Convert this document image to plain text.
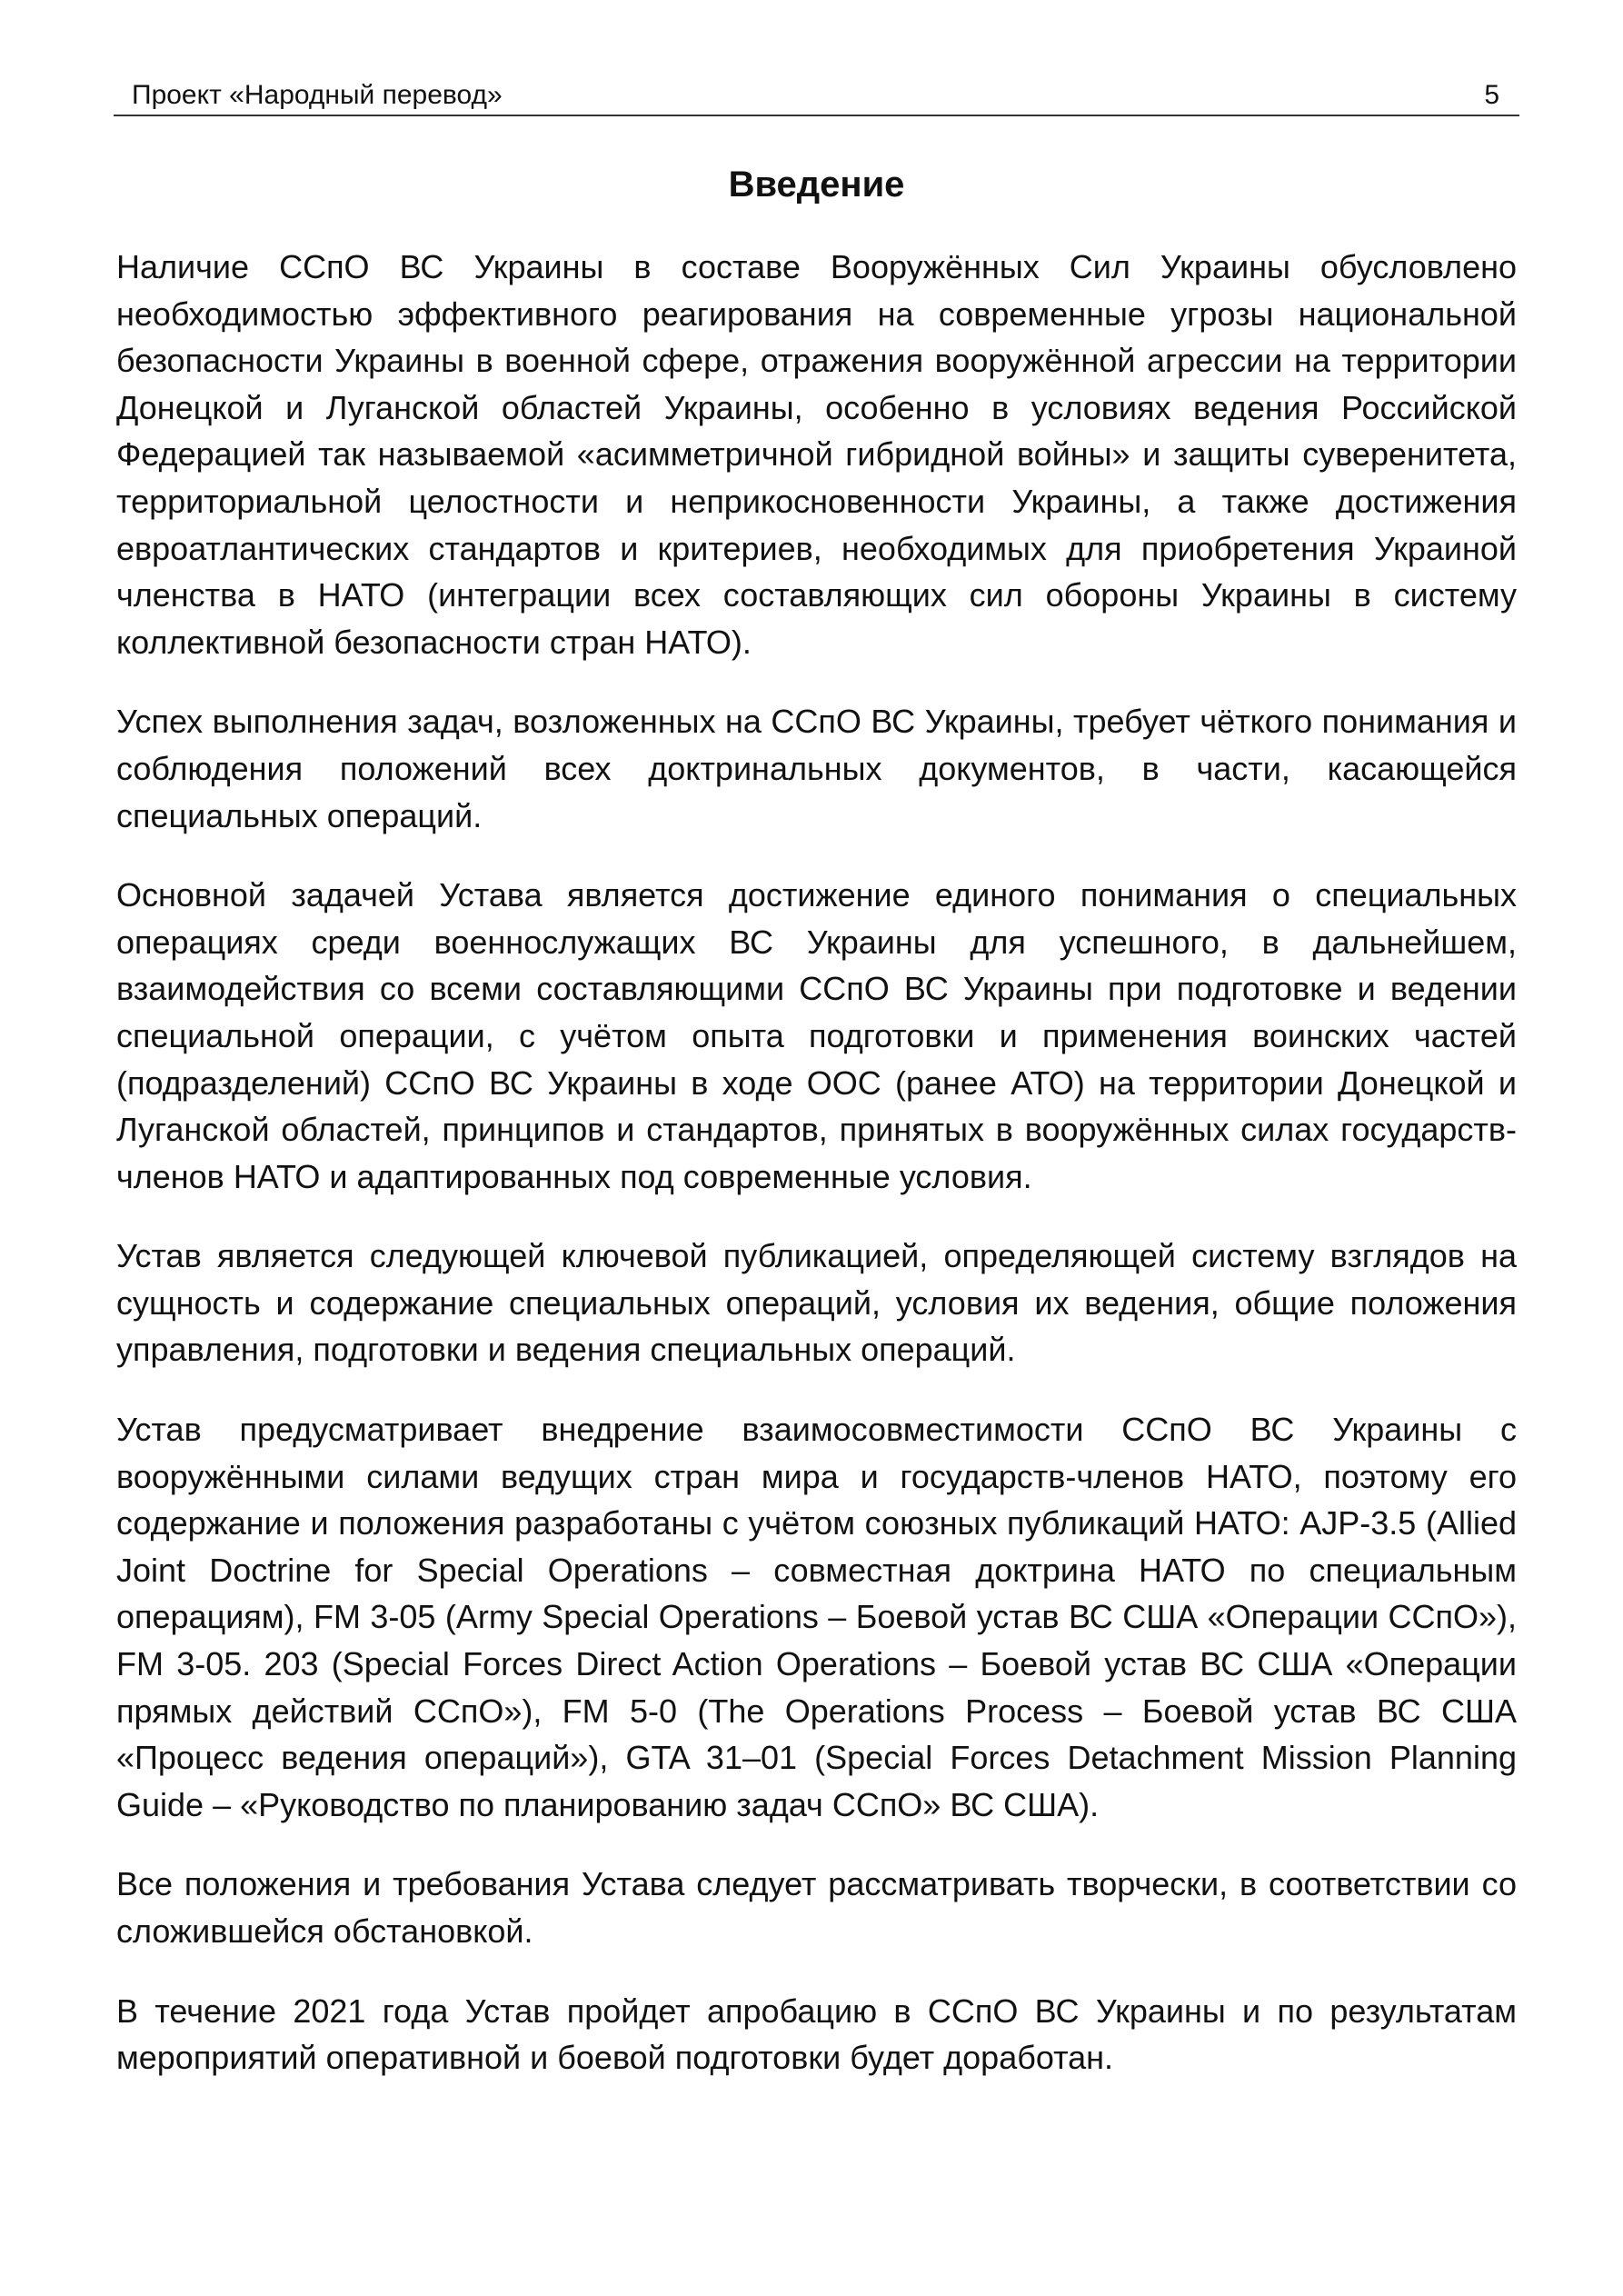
Проект «Народный перевод»	5
Введение

Наличие ССпО ВС Украины в составе Вооружённых Сил Украины обусловлено необходимостью эффективного реагирования на современные угрозы национальной безопасности Украины в военной сфере, отражения вооружённой агрессии на территории Донецкой и Луганской областей Украины, особенно в условиях ведения Российской Федерацией так называемой «асимметричной гибридной войны» и защиты суверенитета, территориальной целостности и неприкосновенности Украины, а также достижения евроатлантических стандартов и критериев, необходимых для приобретения Украиной членства в НАТО (интеграции всех составляющих сил обороны Украины в систему коллективной безопасности стран НАТО).

Успех выполнения задач, возложенных на ССпО ВС Украины, требует чёткого понимания и соблюдения положений всех доктринальных документов, в части, касающейся специальных операций.

Основной задачей Устава является достижение единого понимания о специальных операциях среди военнослужащих ВС Украины для успешного, в дальнейшем, взаимодействия со всеми составляющими ССпО ВС Украины при подготовке и ведении специальной операции, с учётом опыта подготовки и применения воинских частей (подразделений) ССпО ВС Украины в ходе ООС (ранее АТО) на территории Донецкой и Луганской областей, принципов и стандартов, принятых в вооружённых силах государств-членов НАТО и адаптированных под современные условия.

Устав является следующей ключевой публикацией, определяющей систему взглядов на сущность и содержание специальных операций, условия их ведения, общие положения управления, подготовки и ведения специальных операций.

Устав предусматривает внедрение взаимосовместимости ССпО ВС Украины с вооружёнными силами ведущих стран мира и государств-членов НАТО, поэтому его содержание и положения разработаны с учётом союзных публикаций НАТО: AJP-3.5 (Allied Joint Doctrine for Special Operations – совместная доктрина НАТО по специальным операциям), FM 3-05 (Army Special Operations – Боевой устав ВС США «Операции ССпО»), FM 3-05. 203 (Special Forces Direct Action Operations – Боевой устав ВС США «Операции прямых действий ССпО»), FM 5-0 (The Operations Process – Боевой устав ВС США «Процесс ведения операций»), GTA 31–01 (Special Forces Detachment Mission Planning Guide – «Руководство по планированию задач ССпО» ВС США).

Все положения и требования Устава следует рассматривать творчески, в соответствии со сложившейся обстановкой.

В течение 2021 года Устав пройдет апробацию в ССпО ВС Украины и по результатам мероприятий оперативной и боевой подготовки будет доработан.
